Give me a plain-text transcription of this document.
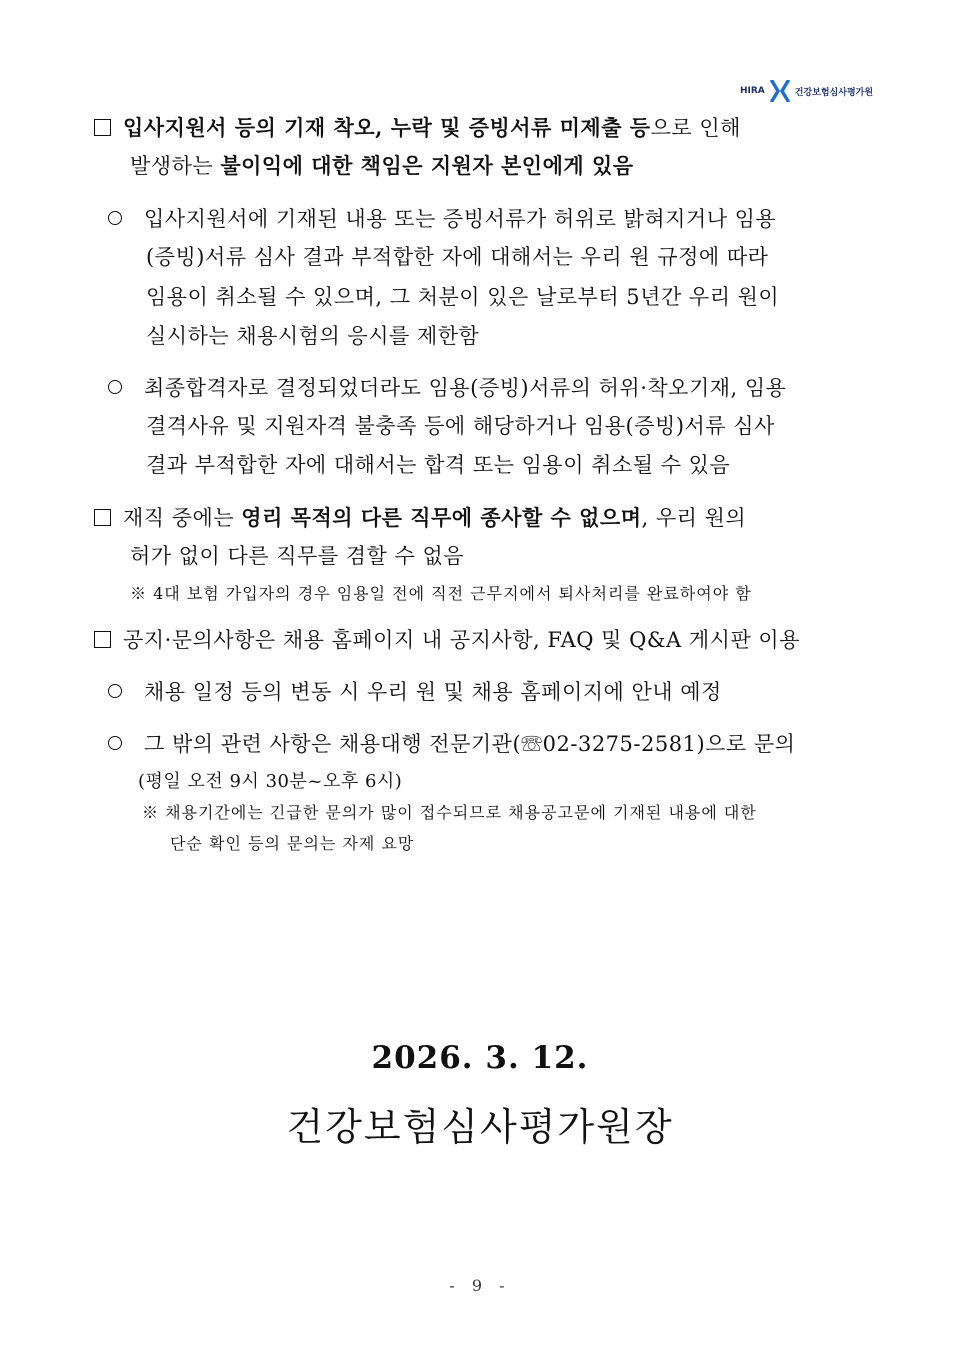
HIRA	건강보험심사평가원
입사지원서 등의 기재 착오, 누락 및 증빙서류 미제출 등으로 인해
발생하는 불이익에 대한 책임은 지원자 본인에게 있음
입사지원서에 기재된 내용 또는 증빙서류가 허위로 밝혀지거나 임용
(증빙)서류 심사 결과 부적합한 자에 대해서는 우리 원 규정에 따라
임용이 취소될 수 있으며, 그 처분이 있은 날로부터 5년간 우리 원이
실시하는 채용시험의 응시를 제한함
최종합격자로 결정되었더라도 임용(증빙)서류의 허위·착오기재, 임용
결격사유 및 지원자격 불충족 등에 해당하거나 임용(증빙)서류 심사
결과 부적합한 자에 대해서는 합격 또는 임용이 취소될 수 있음
재직 중에는 영리 목적의 다른 직무에 종사할 수 없으며, 우리 원의
허가 없이 다른 직무를 겸할 수 없음
※ 4대 보험 가입자의 경우 임용일 전에 직전 근무지에서 퇴사처리를 완료하여야 함
공지·문의사항은 채용 홈페이지 내 공지사항, FAQ 및 Q&A 게시판 이용
채용 일정 등의 변동 시 우리 원 및 채용 홈페이지에 안내 예정
그 밖의 관련 사항은 채용대행 전문기관(☏02-3275-2581)으로 문의
(평일 오전 9시 30분~오후 6시)
※ 채용기간에는 긴급한 문의가 많이 접수되므로 채용공고문에 기재된 내용에 대한
단순 확인 등의 문의는 자제 요망
2026. 3. 12.
건강보험심사평가원장
- 9 -
